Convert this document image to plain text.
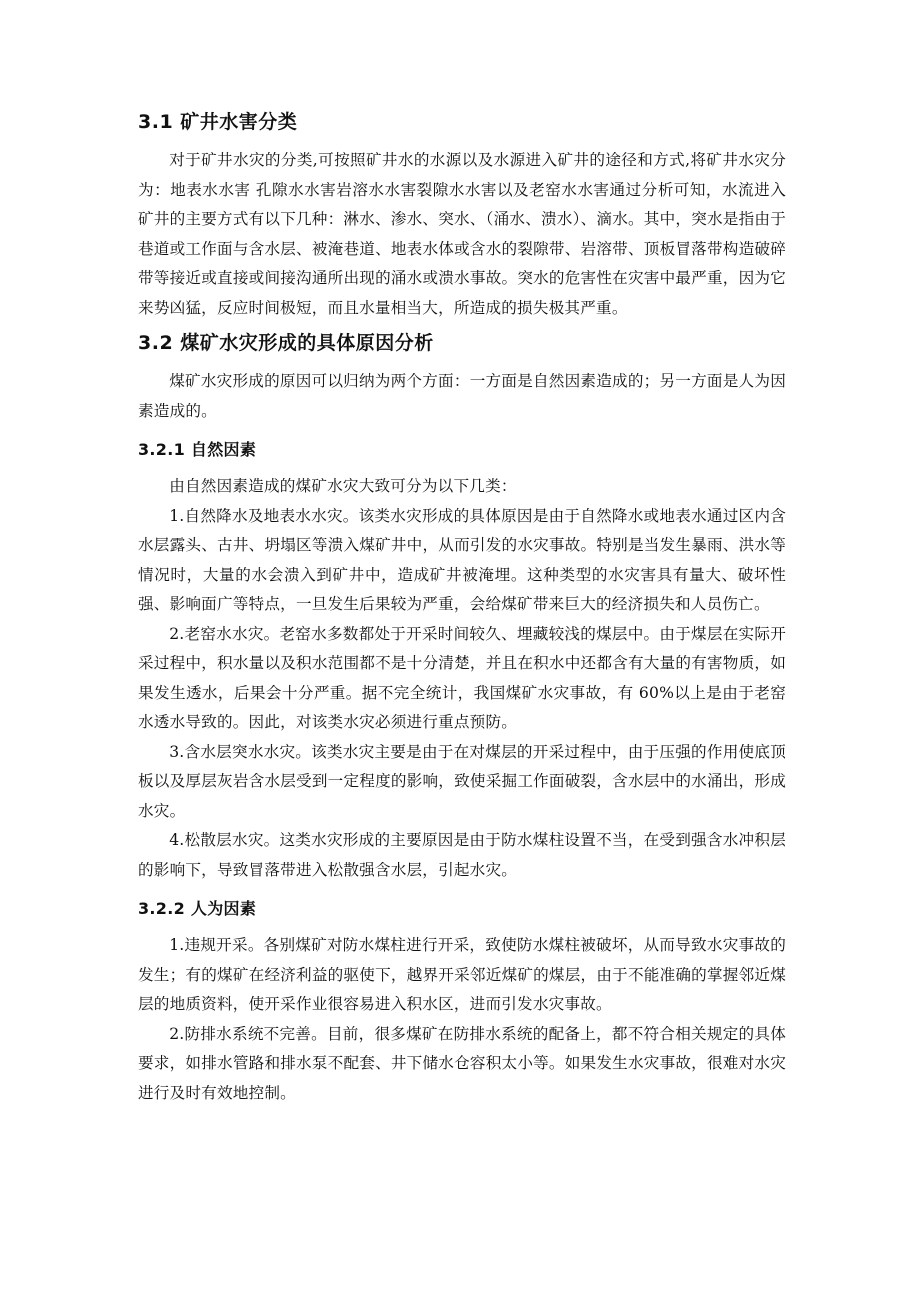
3.1 矿井水害分类

对于矿井水灾的分类,可按照矿井水的水源以及水源进入矿井的途径和方式,将矿井水灾分为：地表水水害 孔隙水水害岩溶水水害裂隙水水害以及老窑水水害通过分析可知，水流进入矿井的主要方式有以下几种：淋水、渗水、突水、（涌水、溃水）、滴水。其中，突水是指由于巷道或工作面与含水层、被淹巷道、地表水体或含水的裂隙带、岩溶带、顶板冒落带构造破碎带等接近或直接或间接沟通所出现的涌水或溃水事故。突水的危害性在灾害中最严重，因为它来势凶猛，反应时间极短，而且水量相当大，所造成的损失极其严重。

3.2 煤矿水灾形成的具体原因分析

煤矿水灾形成的原因可以归纳为两个方面：一方面是自然因素造成的；另一方面是人为因素造成的。

3.2.1 自然因素

由自然因素造成的煤矿水灾大致可分为以下几类：

1.自然降水及地表水水灾。该类水灾形成的具体原因是由于自然降水或地表水通过区内含水层露头、古井、坍塌区等溃入煤矿井中，从而引发的水灾事故。特别是当发生暴雨、洪水等情况时，大量的水会溃入到矿井中，造成矿井被淹埋。这种类型的水灾害具有量大、破坏性强、影响面广等特点，一旦发生后果较为严重，会给煤矿带来巨大的经济损失和人员伤亡。

2.老窑水水灾。老窑水多数都处于开采时间较久、埋藏较浅的煤层中。由于煤层在实际开采过程中，积水量以及积水范围都不是十分清楚，并且在积水中还都含有大量的有害物质，如果发生透水，后果会十分严重。据不完全统计，我国煤矿水灾事故，有 60%以上是由于老窑水透水导致的。因此，对该类水灾必须进行重点预防。

3.含水层突水水灾。该类水灾主要是由于在对煤层的开采过程中，由于压强的作用使底顶板以及厚层灰岩含水层受到一定程度的影响，致使采掘工作面破裂，含水层中的水涌出，形成水灾。

4.松散层水灾。这类水灾形成的主要原因是由于防水煤柱设置不当，在受到强含水冲积层的影响下，导致冒落带进入松散强含水层，引起水灾。

3.2.2 人为因素

1.违规开采。各别煤矿对防水煤柱进行开采，致使防水煤柱被破坏，从而导致水灾事故的发生；有的煤矿在经济利益的驱使下，越界开采邻近煤矿的煤层，由于不能准确的掌握邻近煤层的地质资料，使开采作业很容易进入积水区，进而引发水灾事故。

2.防排水系统不完善。目前，很多煤矿在防排水系统的配备上，都不符合相关规定的具体要求，如排水管路和排水泵不配套、井下储水仓容积太小等。如果发生水灾事故，很难对水灾进行及时有效地控制。
